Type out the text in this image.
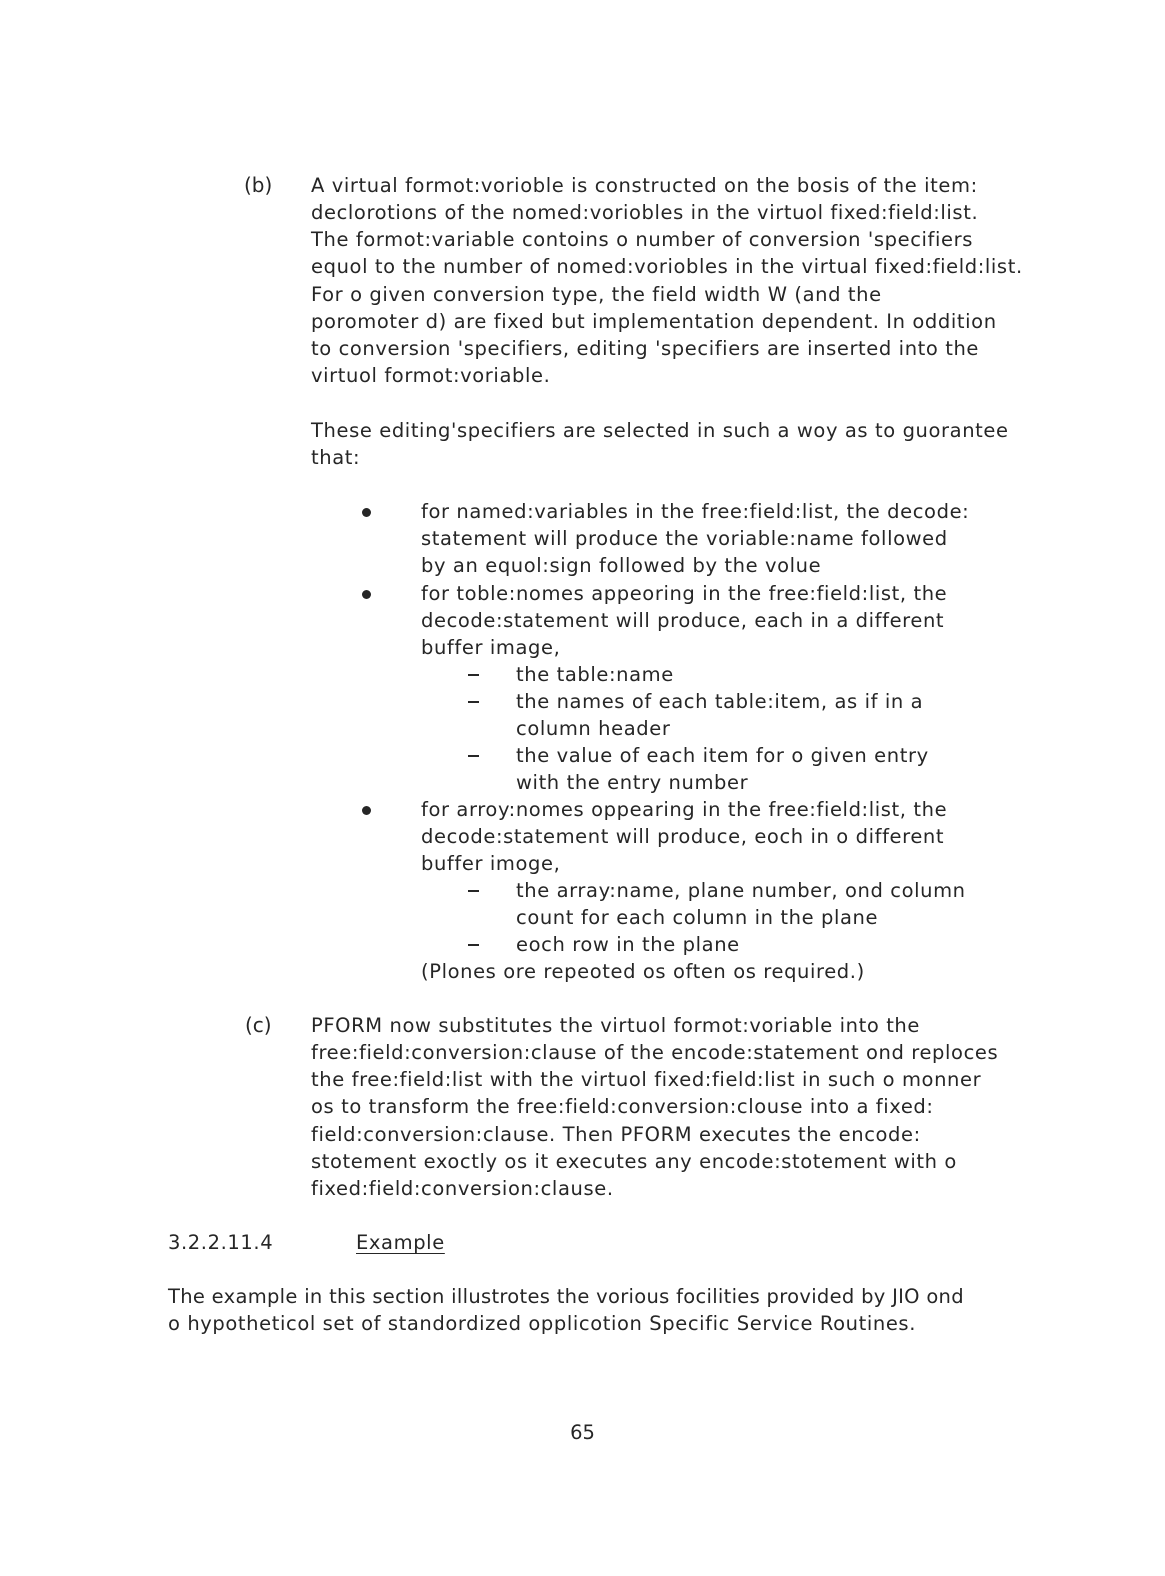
(b) A virtual formot:vorioble is constructed on the bosis of the item:
declorotions of the nomed:voriobles in the virtuol fixed:field:list.
The formot:variable contoins o number of conversion 'specifiers
equol to the number of nomed:voriobles in the virtual fixed:field:list.
For o given conversion type, the field width W (and the
poromoter d) are fixed but implementation dependent. In oddition
to conversion 'specifiers, editing 'specifiers are inserted into the
virtuol formot:voriable.
These editing'specifiers are selected in such a woy as to guorantee
that:
for named:variables in the free:field:list, the decode:
statement will produce the voriable:name followed
by an equol:sign followed by the volue
for toble:nomes appeoring in the free:field:list, the
decode:statement will produce, each in a different
buffer image,
the table:name
the names of each table:item, as if in a
column header
the value of each item for o given entry
with the entry number
for arroy:nomes oppearing in the free:field:list, the
decode:statement will produce, eoch in o different
buffer imoge,
the array:name, plane number, ond column
count for each column in the plane
eoch row in the plane
(Plones ore repeoted os often os required.)
(c) PFORM now substitutes the virtuol formot:voriable into the
free:field:conversion:clause of the encode:statement ond reploces
the free:field:list with the virtuol fixed:field:list in such o monner
os to transform the free:field:conversion:clouse into a fixed:
field:conversion:clause. Then PFORM executes the encode:
stotement exoctly os it executes any encode:stotement with o
fixed:field:conversion:clause.
3.2.2.11.4	Example
The example in this section illustrotes the vorious focilities provided by JIO ond
o hypotheticol set of standordized opplicotion Specific Service Routines.
65
